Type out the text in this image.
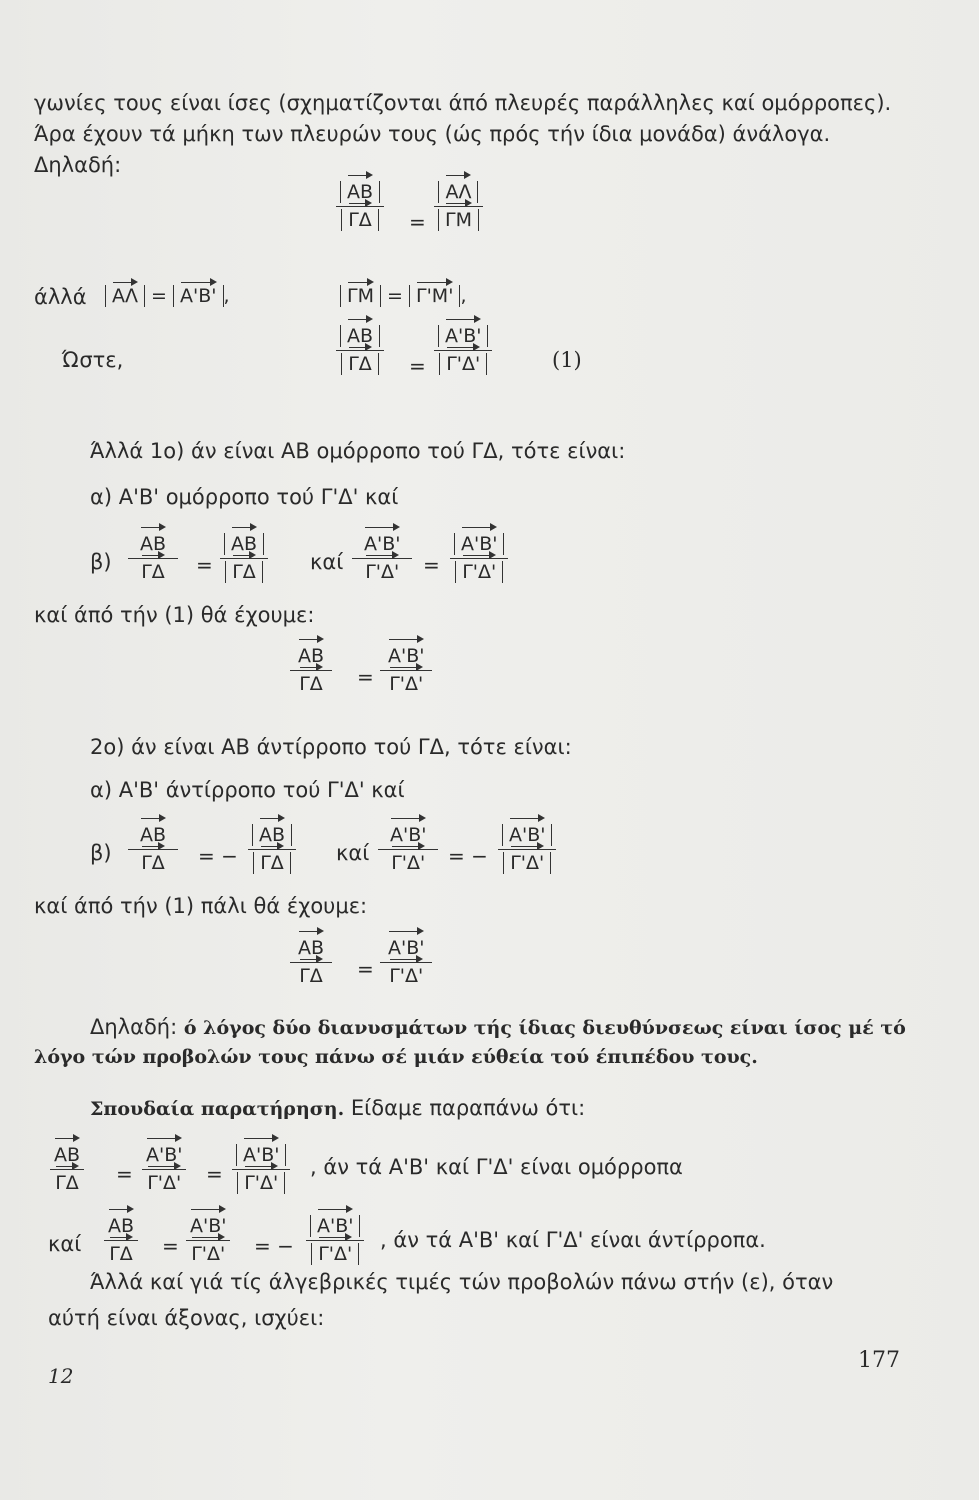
γωνίες τους είναι ίσες (σχηματίζονται άπό πλευρές παράλληλες καί ομόρροπες).
Άρα έχουν τά μήκη των πλευρών τους (ώς πρός τήν ίδια μονάδα) άνάλογα.
Δηλαδή:
ΑΒ
ΓΔ	=
ΑΛ
ΓΜ
άλλά	ΑΛ = Α'Β' ,	ΓΜ = Γ'Μ' ,
Ώστε,
ΑΒ
ΓΔ	=
Α'Β'
Γ'Δ'	(1)
Άλλά 1ο) άν είναι ΑΒ ομόρροπο τού ΓΔ, τότε είναι:
α) Α'Β' ομόρροπο τού Γ'Δ' καί
β)
ΑΒ
ΓΔ =
ΑΒ
ΓΔ	καί
Α'Β'
Γ'Δ' =
Α'Β'
Γ'Δ'
καί άπό τήν (1) θά έχουμε:
ΑΒ
ΓΔ =
Α'Β'
Γ'Δ'
2ο) άν είναι ΑΒ άντίρροπο τού ΓΔ, τότε είναι:
α) Α'Β' άντίρροπο τού Γ'Δ' καί
β)
ΑΒ
ΓΔ = −
ΑΒ
ΓΔ	καί
Α'Β'
Γ'Δ' = −
Α'Β'
Γ'Δ'
καί άπό τήν (1) πάλι θά έχουμε:
ΑΒ
ΓΔ =
Α'Β'
Γ'Δ'
Δηλαδή: ό λόγος δύο διανυσμάτων τής ίδιας διευθύνσεως είναι ίσος μέ τό
λόγο τών προβολών τους πάνω σέ μιάν εύθεία τού έπιπέδου τους.
Σπουδαία παρατήρηση. Είδαμε παραπάνω ότι:
ΑΒ
ΓΔ =
Α'Β'
Γ'Δ' =
Α'Β'
Γ'Δ'
, άν τά Α'Β' καί Γ'Δ' είναι ομόρροπα
καί
ΑΒ
ΓΔ =
Α'Β'
Γ'Δ' = −
Α'Β'
Γ'Δ'
, άν τά Α'Β' καί Γ'Δ' είναι άντίρροπα.
Άλλά καί γιά τίς άλγεβρικές τιμές τών προβολών πάνω στήν (ε), όταν
αύτή είναι άξονας, ισχύει:
12
177
